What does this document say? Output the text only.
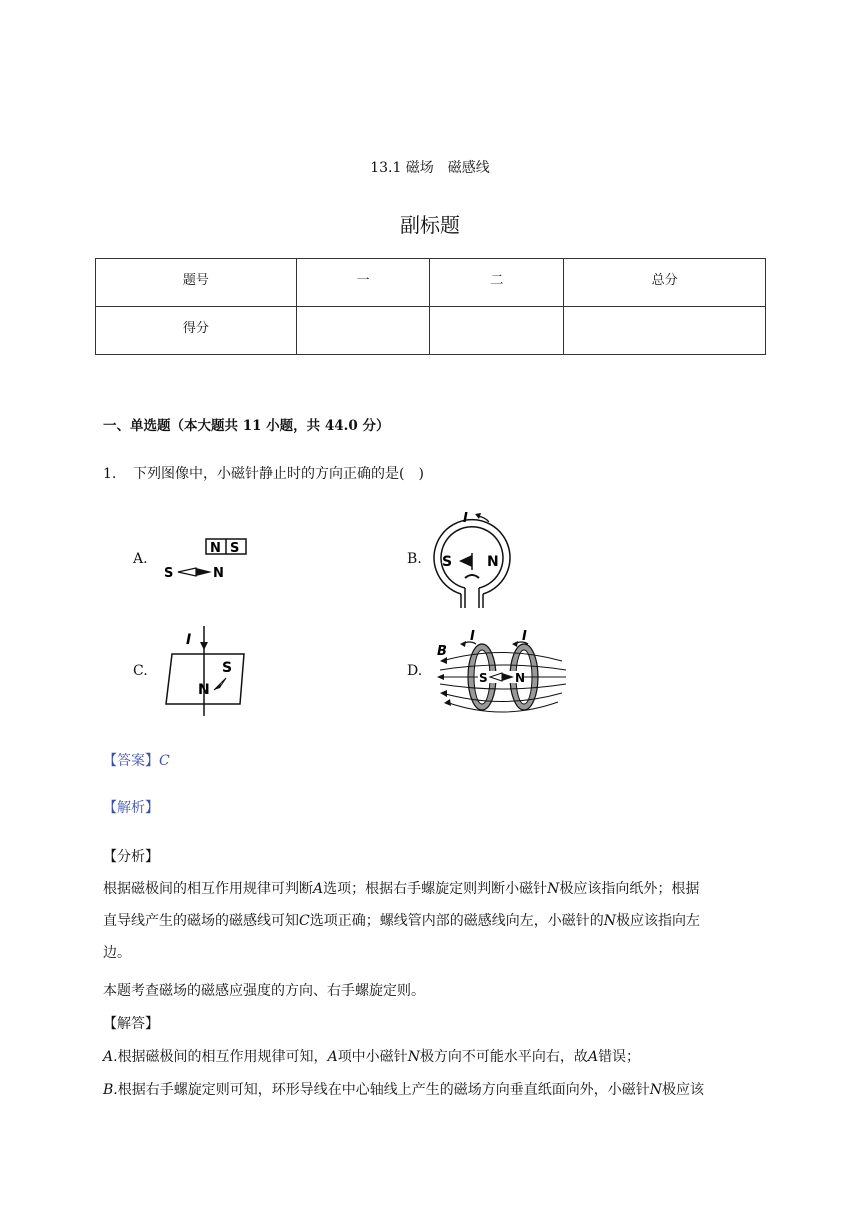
13.1 磁场　磁感线
副标题
题号	一	二	总分
得分			
一、单选题（本大题共 11 小题，共 44.0 分）
1. 下列图像中，小磁针静止时的方向正确的是(　)
A.	B.
C.	D.
N S
S	N
I
S N
I
S
N
I	I
B
S N
【答案】C
【解析】
【分析】
根据磁极间的相互作用规律可判断A选项；根据右手螺旋定则判断小磁针N极应该指向纸外；根据
直导线产生的磁场的磁感线可知C选项正确；螺线管内部的磁感线向左，小磁针的N极应该指向左
边。
本题考查磁场的磁感应强度的方向、右手螺旋定则。
【解答】
A.根据磁极间的相互作用规律可知，A项中小磁针N极方向不可能水平向右，故A错误；
B.根据右手螺旋定则可知，环形导线在中心轴线上产生的磁场方向垂直纸面向外，小磁针N极应该
